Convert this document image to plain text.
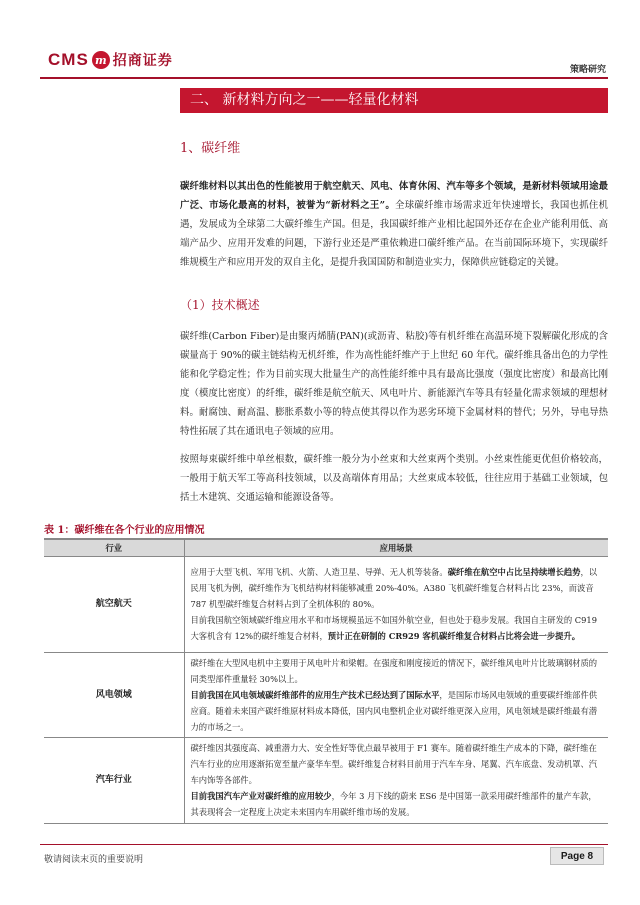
CMS m 招商证券
策略研究
二、 新材料方向之一——轻量化材料
1、碳纤维
碳纤维材料以其出色的性能被用于航空航天、风电、体育休闲、汽车等多个领域，是新材料领域用途最广泛、市场化最高的材料，被誉为“新材料之王”。全球碳纤维市场需求近年快速增长，我国也抓住机遇，发展成为全球第二大碳纤维生产国。但是，我国碳纤维产业相比起国外还存在企业产能利用低、高端产品少、应用开发难的问题，下游行业还是严重依赖进口碳纤维产品。在当前国际环境下，实现碳纤维规模生产和应用开发的双自主化，是提升我国国防和制造业实力，保障供应链稳定的关键。
（1）技术概述
碳纤维(Carbon Fiber)是由聚丙烯腈(PAN)(或沥青、粘胶)等有机纤维在高温环境下裂解碳化形成的含碳量高于 90%的碳主链结构无机纤维，作为高性能纤维产于上世纪 60 年代。碳纤维具备出色的力学性能和化学稳定性；作为目前实现大批量生产的高性能纤维中具有最高比强度（强度比密度）和最高比刚度（模度比密度）的纤维，碳纤维是航空航天、风电叶片、新能源汽车等具有轻量化需求领域的理想材料。耐腐蚀、耐高温、膨胀系数小等的特点使其得以作为恶劣环境下金属材料的替代；另外，导电导热特性拓展了其在通讯电子领域的应用。
按照每束碳纤维中单丝根数，碳纤维一般分为小丝束和大丝束两个类别。小丝束性能更优但价格较高，一般用于航天军工等高科技领域，以及高端体育用品；大丝束成本较低，往往应用于基础工业领域，包括土木建筑、交通运输和能源设备等。
表 1：碳纤维在各个行业的应用情况
行业	应用场景
航空航天	应用于大型飞机、军用飞机、火箭、人造卫星、导弹、无人机等装备。碳纤维在航空中占比呈持续增长趋势，以民用飞机为例，碳纤维作为飞机结构材料能够减重 20%-40%。A380 飞机碳纤维复合材料占比 23%，而波音 787 机型碳纤维复合材料占到了全机体积的 80%。
目前我国航空领域碳纤维应用水平和市场规模虽远不如国外航空业，但也处于稳步发展。我国自主研发的 C919 大客机含有 12%的碳纤维复合材料，预计正在研制的 CR929 客机碳纤维复合材料占比将会进一步提升。
风电领域	碳纤维在大型风电机中主要用于风电叶片和梁帽。在强度和刚度接近的情况下，碳纤维风电叶片比玻璃钢材质的同类型部件重量轻 30%以上。
目前我国在风电领域碳纤维部件的应用生产技术已经达到了国际水平，是国际市场风电领域的重要碳纤维部件供应商。随着未来国产碳纤维原材料成本降低，国内风电整机企业对碳纤维更深入应用，风电领域是碳纤维最有潜力的市场之一。
汽车行业	碳纤维因其强度高、减重潜力大、安全性好等优点最早被用于 F1 赛车。随着碳纤维生产成本的下降，碳纤维在汽车行业的应用逐渐拓宽至量产豪华车型。碳纤维复合材料目前用于汽车车身、尾翼、汽车底盘、发动机罩、汽车内饰等各部件。
目前我国汽车产业对碳纤维的应用较少，今年 3 月下线的蔚来 ES6 是中国第一款采用碳纤维部件的量产车款，其表现将会一定程度上决定未来国内车用碳纤维市场的发展。
敬请阅读末页的重要说明	Page 8
